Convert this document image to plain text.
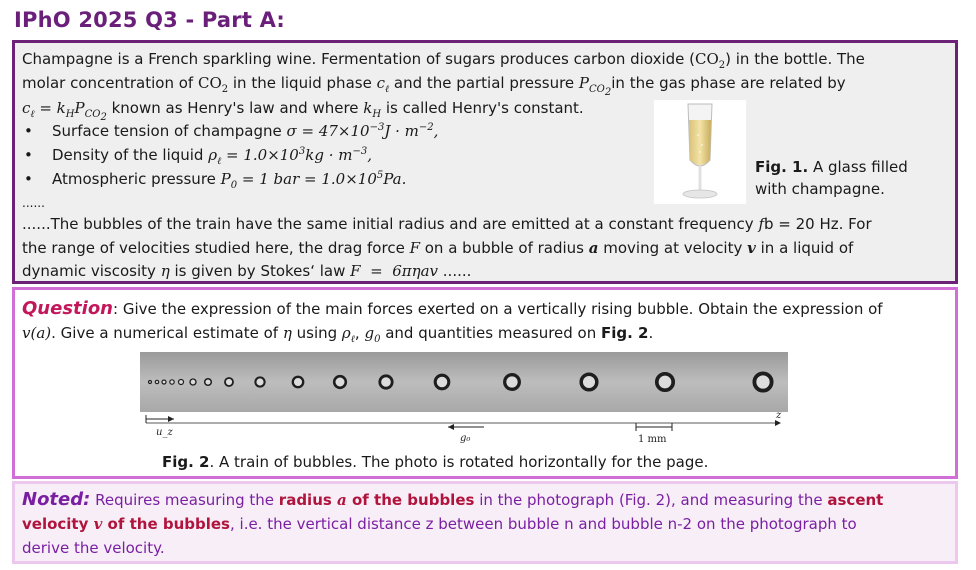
IPhO 2025 Q3 - Part A:
Champagne is a French sparkling wine. Fermentation of sugars produces carbon dioxide $(CO_2)$ in the bottle. The
molar concentration of $CO_2$ in the liquid phase $c_\ell$ and the partial pressure $P_{CO_2}in$ the gas phase are related by
$c_\ell = k_HP_{CO_2}$ known as Henry's law and where $k_H$ is called Henry's constant.
• Surface tension of champagne $\sigma = 47\times 10^{-3}J \cdot m^{-2}$,
• Density of the liquid $\rho_\ell = 1.0\times 10^3kg \cdot m^{-3}$,
• Atmospheric pressure $P_0 = 1$ bar = $1.0\times 10^5Pa$.
......
......The bubbles of the train have the same initial radius and are emitted at a constant frequency fb = 20 Hz. For
the range of velocities studied here, the drag force F on a bubble of radius a moving at velocity v in a liquid of
dynamic viscosity η is given by Stokes‘ law F  =  6πηav ......
Fig. 1. A glass filled
with champagne.
Question: Give the expression of the main forces exerted on a vertically rising bubble. Obtain the expression of
v(a). Give a numerical estimate of η using $\rho_\ell$, $g_0$ and quantities measured on Fig. 2.
u_z
g₀	1 mm
z
Fig. 2. A train of bubbles. The photo is rotated horizontally for the page.
Noted: Requires measuring the radius a of the bubbles in the photograph (Fig. 2), and measuring the ascent
velocity v of the bubbles, i.e. the vertical distance z between bubble n and bubble n-2 on the photograph to
derive the velocity.
